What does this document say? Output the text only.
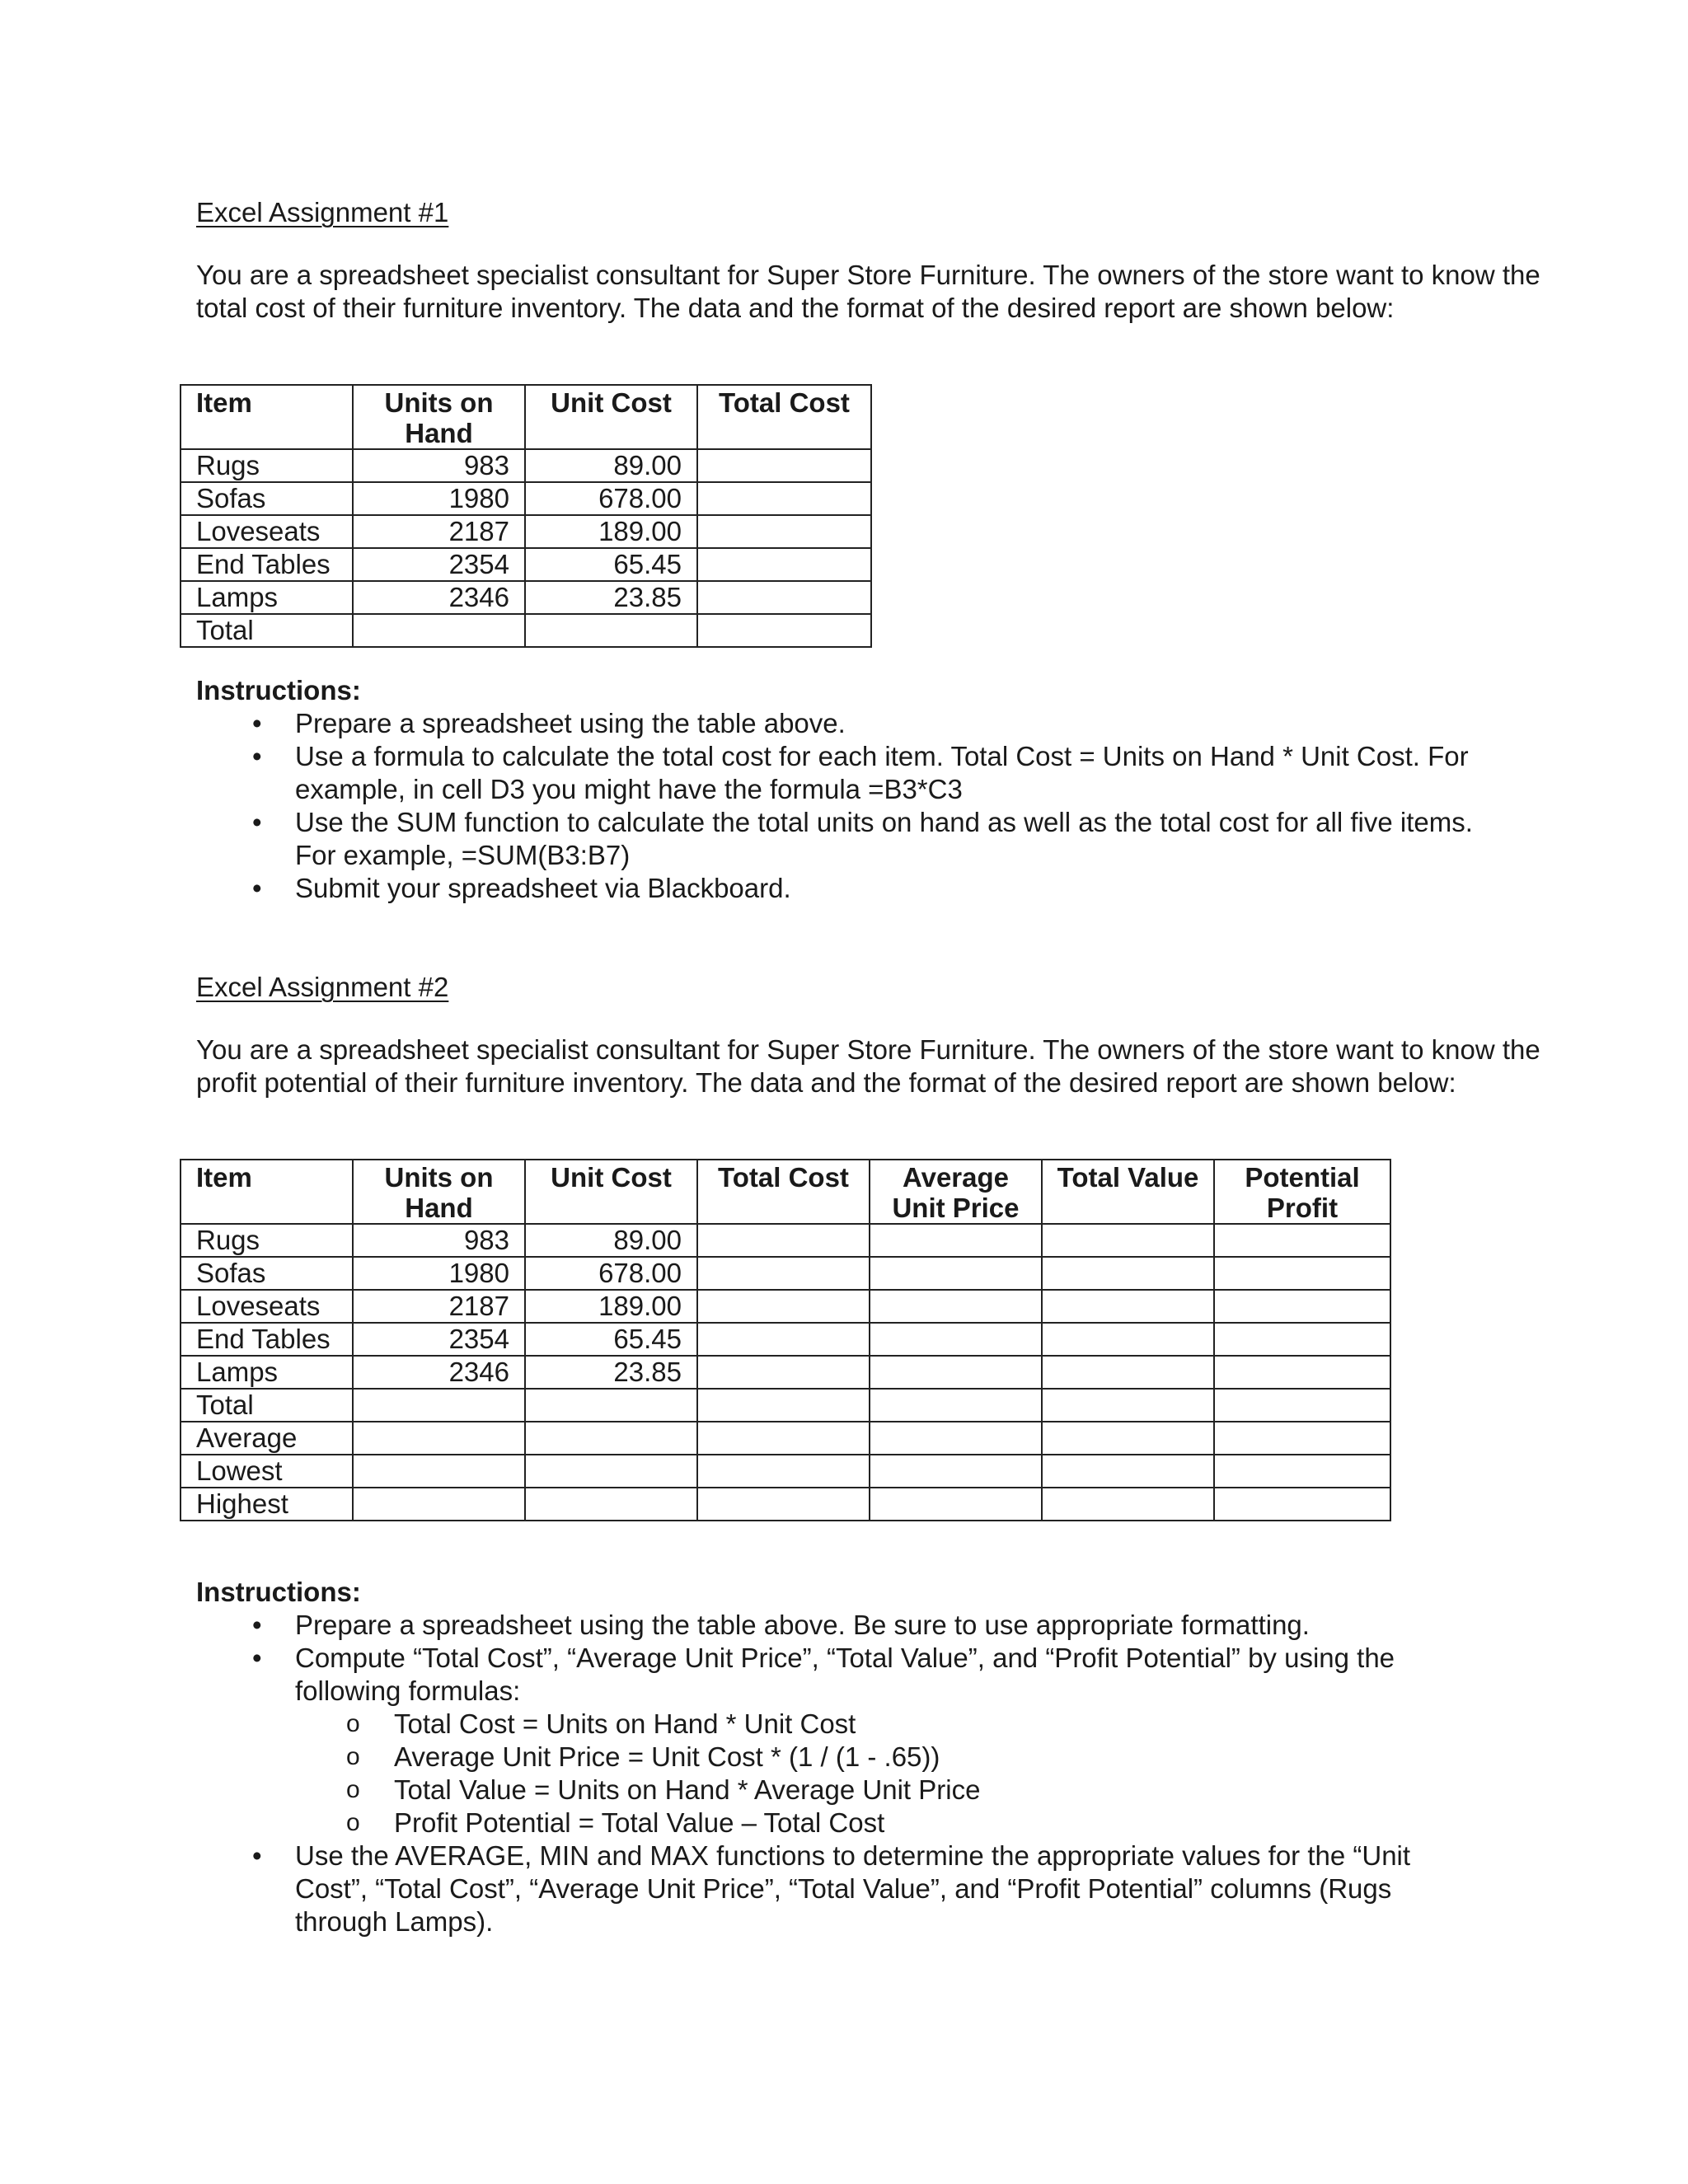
Excel Assignment #1
You are a spreadsheet specialist consultant for Super Store Furniture. The owners of the store want to know the total cost of their furniture inventory. The data and the format of the desired report are shown below:
Item	Units on Hand	Unit Cost	Total Cost
Rugs	983	89.00	
Sofas	1980	678.00	
Loveseats	2187	189.00	
End Tables	2354	65.45	
Lamps	2346	23.85	
Total			
Instructions:
• Prepare a spreadsheet using the table above.
• Use a formula to calculate the total cost for each item. Total Cost = Units on Hand * Unit Cost. For example, in cell D3 you might have the formula =B3*C3
• Use the SUM function to calculate the total units on hand as well as the total cost for all five items. For example, =SUM(B3:B7)
• Submit your spreadsheet via Blackboard.
Excel Assignment #2
You are a spreadsheet specialist consultant for Super Store Furniture. The owners of the store want to know the profit potential of their furniture inventory. The data and the format of the desired report are shown below:
Item	Units on Hand	Unit Cost	Total Cost	Average Unit Price	Total Value	Potential Profit
Rugs	983	89.00				
Sofas	1980	678.00				
Loveseats	2187	189.00				
End Tables	2354	65.45				
Lamps	2346	23.85				
Total						
Average						
Lowest						
Highest						
Instructions:
• Prepare a spreadsheet using the table above. Be sure to use appropriate formatting.
• Compute “Total Cost”, “Average Unit Price”, “Total Value”, and “Profit Potential” by using the following formulas:
o Total Cost = Units on Hand * Unit Cost
o Average Unit Price = Unit Cost * (1 / (1 - .65))
o Total Value = Units on Hand * Average Unit Price
o Profit Potential = Total Value – Total Cost
• Use the AVERAGE, MIN and MAX functions to determine the appropriate values for the “Unit Cost”, “Total Cost”, “Average Unit Price”, “Total Value”, and “Profit Potential” columns (Rugs through Lamps).
